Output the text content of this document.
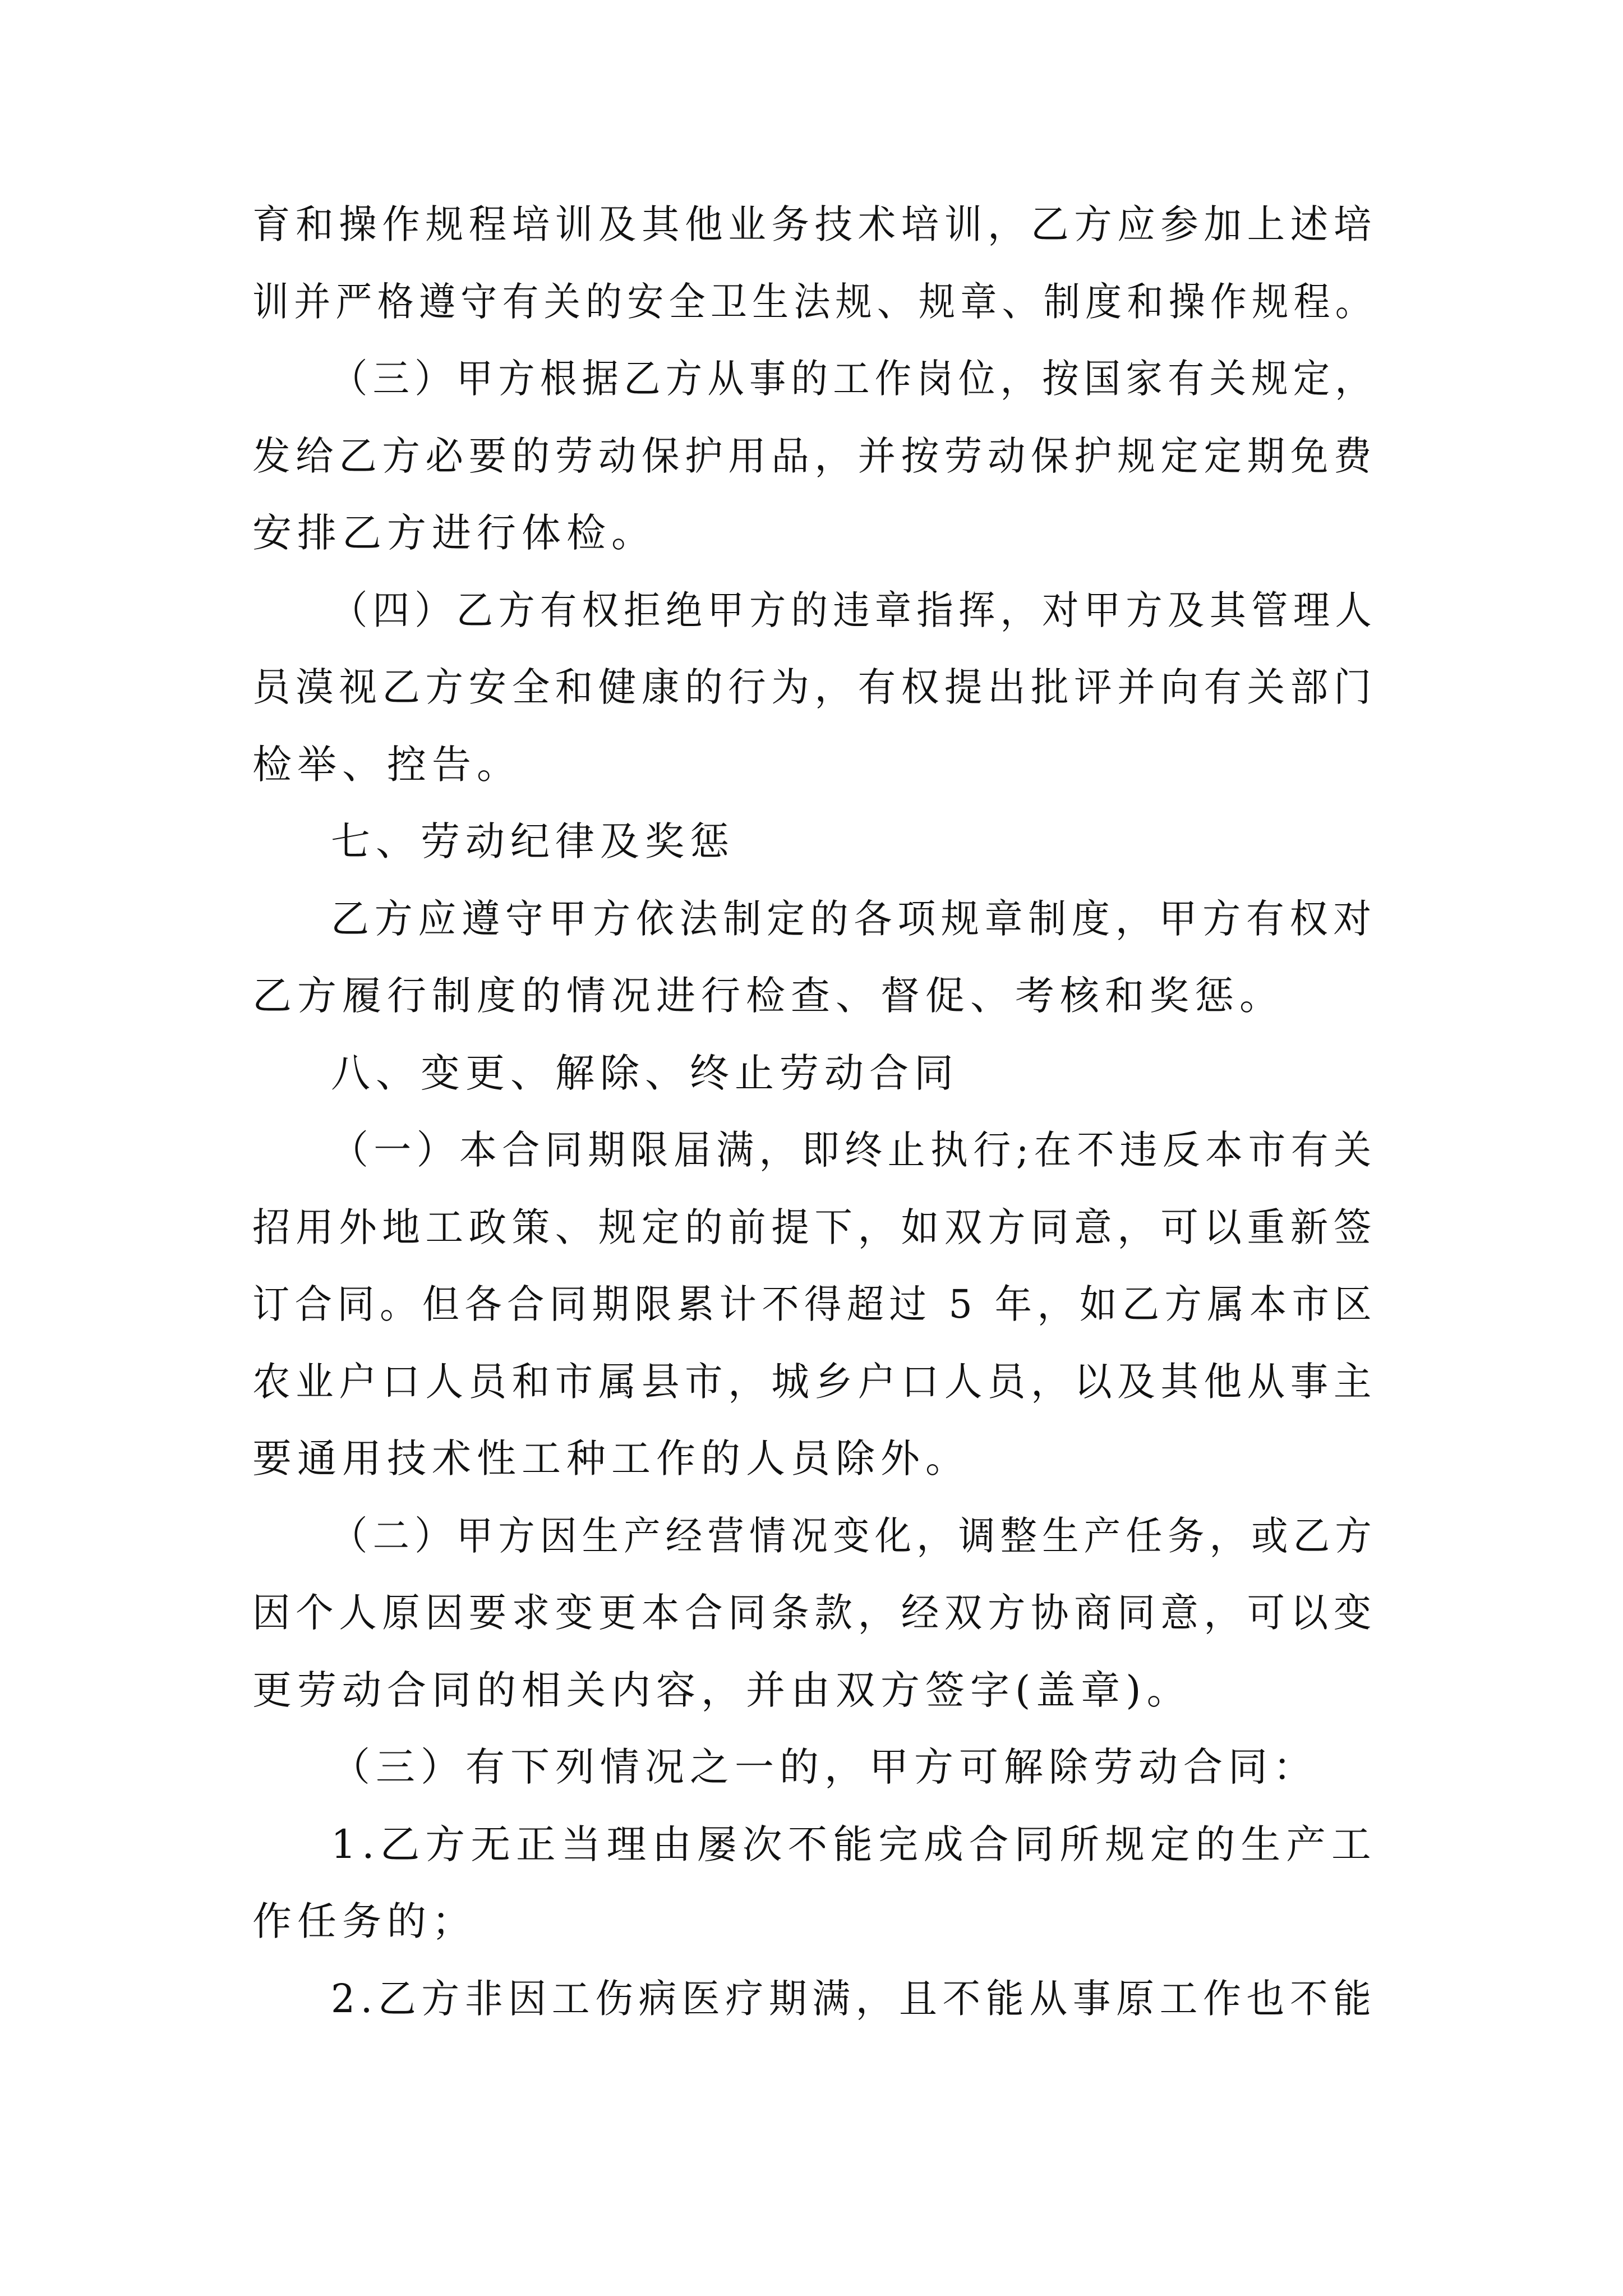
育和操作规程培训及其他业务技术培训，乙方应参加上述培
训并严格遵守有关的安全卫生法规、规章、制度和操作规程。
（三）甲方根据乙方从事的工作岗位，按国家有关规定，
发给乙方必要的劳动保护用品，并按劳动保护规定定期免费
安排乙方进行体检。
（四）乙方有权拒绝甲方的违章指挥，对甲方及其管理人
员漠视乙方安全和健康的行为，有权提出批评并向有关部门
检举、控告。
七、劳动纪律及奖惩
乙方应遵守甲方依法制定的各项规章制度，甲方有权对
乙方履行制度的情况进行检查、督促、考核和奖惩。
八、变更、解除、终止劳动合同
（一）本合同期限届满，即终止执行;在不违反本市有关
招用外地工政策、规定的前提下，如双方同意，可以重新签
订合同。但各合同期限累计不得超过 5 年，如乙方属本市区
农业户口人员和市属县市，城乡户口人员，以及其他从事主
要通用技术性工种工作的人员除外。
（二）甲方因生产经营情况变化，调整生产任务，或乙方
因个人原因要求变更本合同条款，经双方协商同意，可以变
更劳动合同的相关内容，并由双方签字(盖章)。
（三）有下列情况之一的，甲方可解除劳动合同：
1.乙方无正当理由屡次不能完成合同所规定的生产工
作任务的；
2.乙方非因工伤病医疗期满，且不能从事原工作也不能
